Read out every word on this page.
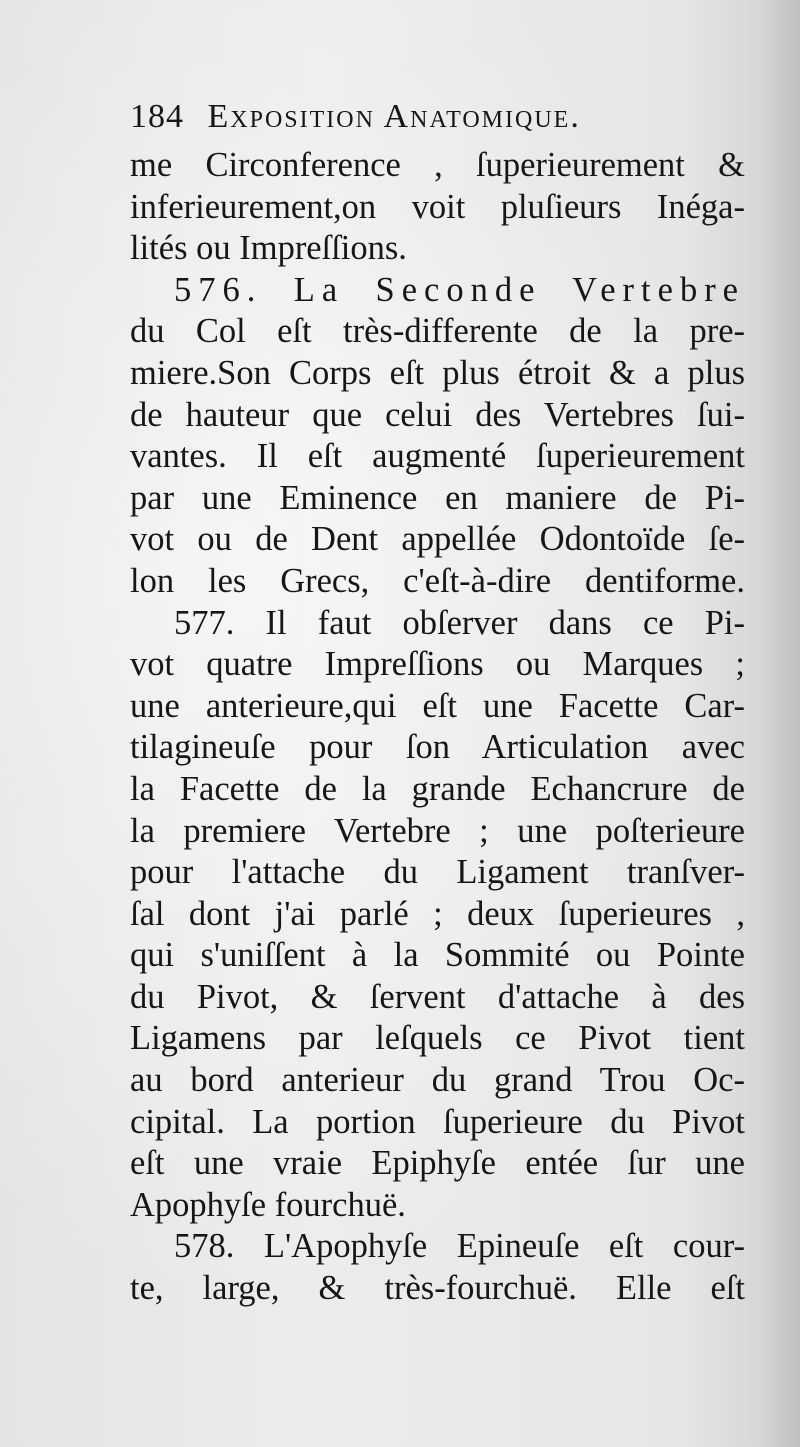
184 Exposition Anatomique.
me Circonference , ſuperieurement &
inferieurement,on voit pluſieurs Inéga-
lités ou Impreſſions.
576. La Seconde Vertebre
du Col eſt très-differente de la pre-
miere.Son Corps eſt plus étroit & a plus
de hauteur que celui des Vertebres ſui-
vantes. Il eſt augmenté ſuperieurement
par une Eminence en maniere de Pi-
vot ou de Dent appellée Odontoïde ſe-
lon les Grecs, c'eſt-à-dire dentiforme.
577. Il faut obſerver dans ce Pi-
vot quatre Impreſſions ou Marques ;
une anterieure,qui eſt une Facette Car-
tilagineuſe pour ſon Articulation avec
la Facette de la grande Echancrure de
la premiere Vertebre ; une poſterieure
pour l'attache du Ligament tranſver-
ſal dont j'ai parlé ; deux ſuperieures ,
qui s'uniſſent à la Sommité ou Pointe
du Pivot, & ſervent d'attache à des
Ligamens par leſquels ce Pivot tient
au bord anterieur du grand Trou Oc-
cipital. La portion ſuperieure du Pivot
eſt une vraie Epiphyſe entée ſur une
Apophyſe fourchuë.
578. L'Apophyſe Epineuſe eſt cour-
te, large, & très-fourchuë. Elle eſt
